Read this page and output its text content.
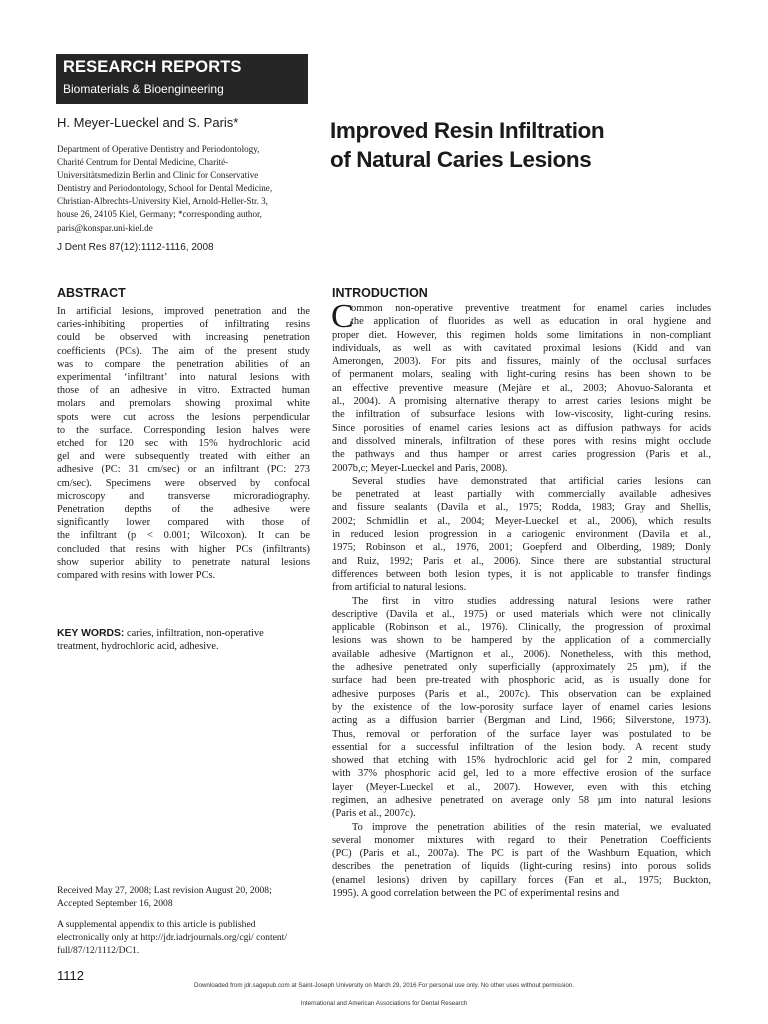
RESEARCH REPORTS
Biomaterials & Bioengineering
H. Meyer-Lueckel and S. Paris*
Department of Operative Dentistry and Periodontology,
Charité Centrum for Dental Medicine, Charité-
Universitätsmedizin Berlin and Clinic for Conservative
Dentistry and Periodontology, School for Dental Medicine,
Christian-Albrechts-University Kiel, Arnold-Heller-Str. 3,
house 26, 24105 Kiel, Germany; *corresponding author,
paris@konspar.uni-kiel.de
J Dent Res 87(12):1112-1116, 2008
Improved Resin Infiltration
of Natural Caries Lesions
ABSTRACT
In artificial lesions, improved penetration and the
caries-inhibiting properties of infiltrating resins
could be observed with increasing penetration
coefficients (PCs). The aim of the present study
was to compare the penetration abilities of an
experimental ‘infiltrant’ into natural lesions with
those of an adhesive in vitro. Extracted human
molars and premolars showing proximal white
spots were cut across the lesions perpendicular
to the surface. Corresponding lesion halves were
etched for 120 sec with 15% hydrochloric acid
gel and were subsequently treated with either an
adhesive (PC: 31 cm/sec) or an infiltrant (PC: 273
cm/sec). Specimens were observed by confocal
microscopy and transverse microradiography.
Penetration depths of the adhesive were
significantly lower compared with those of
the infiltrant (p < 0.001; Wilcoxon). It can be
concluded that resins with higher PCs (infiltrants)
show superior ability to penetrate natural lesions
compared with resins with lower PCs.
KEY WORDS: caries, infiltration, non-operative
treatment, hydrochloric acid, adhesive.
Received May 27, 2008; Last revision August 20, 2008;
Accepted September 16, 2008
A supplemental appendix to this article is published
electronically only at http://jdr.iadrjournals.org/cgi/ content/
full/87/12/1112/DC1.
INTRODUCTION
C
ommon non-operative preventive treatment for enamel caries includes
the application of fluorides as well as education in oral hygiene and
proper diet. However, this regimen holds some limitations in non-compliant
individuals, as well as with cavitated proximal lesions (Kidd and van
Amerongen, 2003). For pits and fissures, mainly of the occlusal surfaces
of permanent molars, sealing with light-curing resins has been shown to be
an effective preventive measure (Mejàre et al., 2003; Ahovuo-Saloranta et
al., 2004). A promising alternative therapy to arrest caries lesions might be
the infiltration of subsurface lesions with low-viscosity, light-curing resins.
Since porosities of enamel caries lesions act as diffusion pathways for acids
and dissolved minerals, infiltration of these pores with resins might occlude
the pathways and thus hamper or arrest caries progression (Paris et al.,
2007b,c; Meyer-Lueckel and Paris, 2008).
Several studies have demonstrated that artificial caries lesions can
be penetrated at least partially with commercially available adhesives
and fissure sealants (Davila et al., 1975; Rodda, 1983; Gray and Shellis,
2002; Schmidlin et al., 2004; Meyer-Lueckel et al., 2006), which results
in reduced lesion progression in a cariogenic environment (Davila et al.,
1975; Robinson et al., 1976, 2001; Goepferd and Olberding, 1989; Donly
and Ruiz, 1992; Paris et al., 2006). Since there are substantial structural
differences between both lesion types, it is not applicable to transfer findings
from artificial to natural lesions.
The first in vitro studies addressing natural lesions were rather
descriptive (Davila et al., 1975) or used materials which were not clinically
applicable (Robinson et al., 1976). Clinically, the progression of proximal
lesions was shown to be hampered by the application of a commercially
available adhesive (Martignon et al., 2006). Nonetheless, with this method,
the adhesive penetrated only superficially (approximately 25 µm), if the
surface had been pre-treated with phosphoric acid, as is usually done for
adhesive purposes (Paris et al., 2007c). This observation can be explained
by the existence of the low-porosity surface layer of enamel caries lesions
acting as a diffusion barrier (Bergman and Lind, 1966; Silverstone, 1973).
Thus, removal or perforation of the surface layer was postulated to be
essential for a successful infiltration of the lesion body. A recent study
showed that etching with 15% hydrochloric acid gel for 2 min, compared
with 37% phosphoric acid gel, led to a more effective erosion of the surface
layer (Meyer-Lueckel et al., 2007). However, even with this etching
regimen, an adhesive penetrated on average only 58 µm into natural lesions
(Paris et al., 2007c).
To improve the penetration abilities of the resin material, we evaluated
several monomer mixtures with regard to their Penetration Coefficients
(PC) (Paris et al., 2007a). The PC is part of the Washburn Equation, which
describes the penetration of liquids (light-curing resins) into porous solids
(enamel lesions) driven by capillary forces (Fan et al., 1975; Buckton,
1995). A good correlation between the PC of experimental resins and
1112
Downloaded from jdr.sagepub.com at Saint-Joseph University on March 29, 2016 For personal use only. No other uses without permission.
International and American Associations for Dental Research
